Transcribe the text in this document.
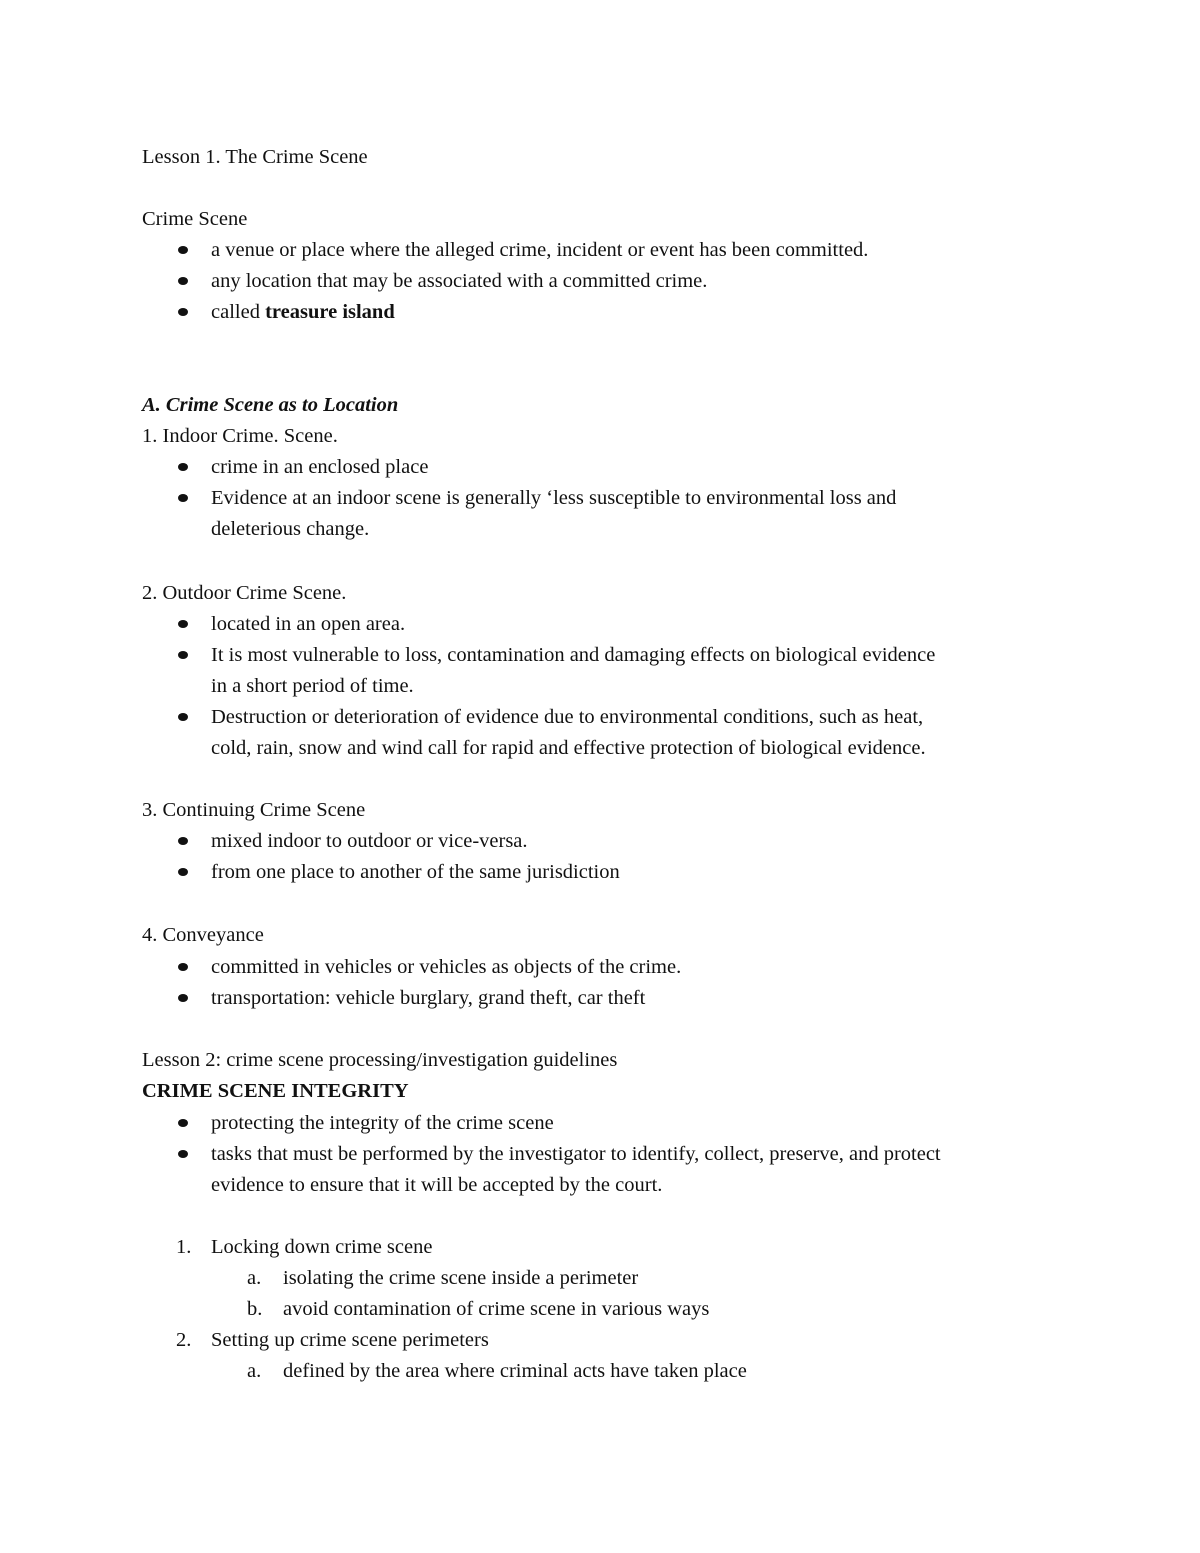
Lesson 1. The Crime Scene
Crime Scene
a venue or place where the alleged crime, incident or event has been committed.
any location that may be associated with a committed crime.
called treasure island
A. Crime Scene as to Location
1. Indoor Crime. Scene.
crime in an enclosed place
Evidence at an indoor scene is generally ‘less susceptible to environmental loss and
deleterious change.
2. Outdoor Crime Scene.
located in an open area.
It is most vulnerable to loss, contamination and damaging effects on biological evidence
in a short period of time.
Destruction or deterioration of evidence due to environmental conditions, such as heat,
cold, rain, snow and wind call for rapid and effective protection of biological evidence.
3. Continuing Crime Scene
mixed indoor to outdoor or vice-versa.
from one place to another of the same jurisdiction
4. Conveyance
committed in vehicles or vehicles as objects of the crime.
transportation: vehicle burglary, grand theft, car theft
Lesson 2: crime scene processing/investigation guidelines
CRIME SCENE INTEGRITY
protecting the integrity of the crime scene
tasks that must be performed by the investigator to identify, collect, preserve, and protect
evidence to ensure that it will be accepted by the court.
1. Locking down crime scene
a. isolating the crime scene inside a perimeter
b. avoid contamination of crime scene in various ways
2. Setting up crime scene perimeters
a. defined by the area where criminal acts have taken place
